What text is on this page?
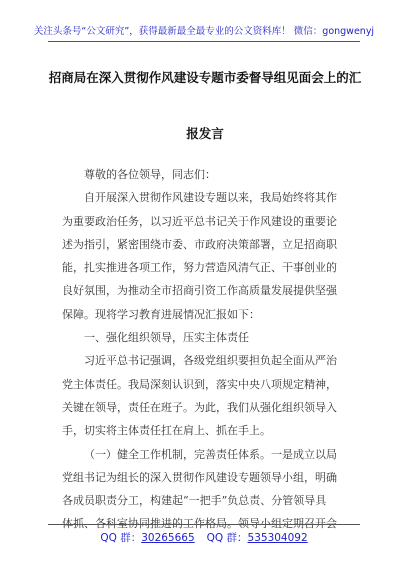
关注头条号“公文研究”，获得最新最全最专业的公文资料库！ 微信：gongwenyj
招商局在深入贯彻作风建设专题市委督导组见面会上的汇
报发言
尊敬的各位领导，同志们：
自开展深入贯彻作风建设专题以来，我局始终将其作
为重要政治任务，以习近平总书记关于作风建设的重要论
述为指引，紧密围绕市委、市政府决策部署，立足招商职
能，扎实推进各项工作，努力营造风清气正、干事创业的
良好氛围，为推动全市招商引资工作高质量发展提供坚强
保障。现将学习教育进展情况汇报如下：
一、强化组织领导，压实主体责任
习近平总书记强调，各级党组织要担负起全面从严治
党主体责任。我局深刻认识到，落实中央八项规定精神，
关键在领导，责任在班子。为此，我们从强化组织领导入
手，切实将主体责任扛在肩上、抓在手上。
（一）健全工作机制，完善责任体系。一是成立以局
党组书记为组长的深入贯彻作风建设专题领导小组，明确
各成员职责分工，构建起“一把手”负总责、分管领导具
体抓、各科室协同推进的工作格局。领导小组定期召开会
QQ 群：30265665 QQ 群：535304092
